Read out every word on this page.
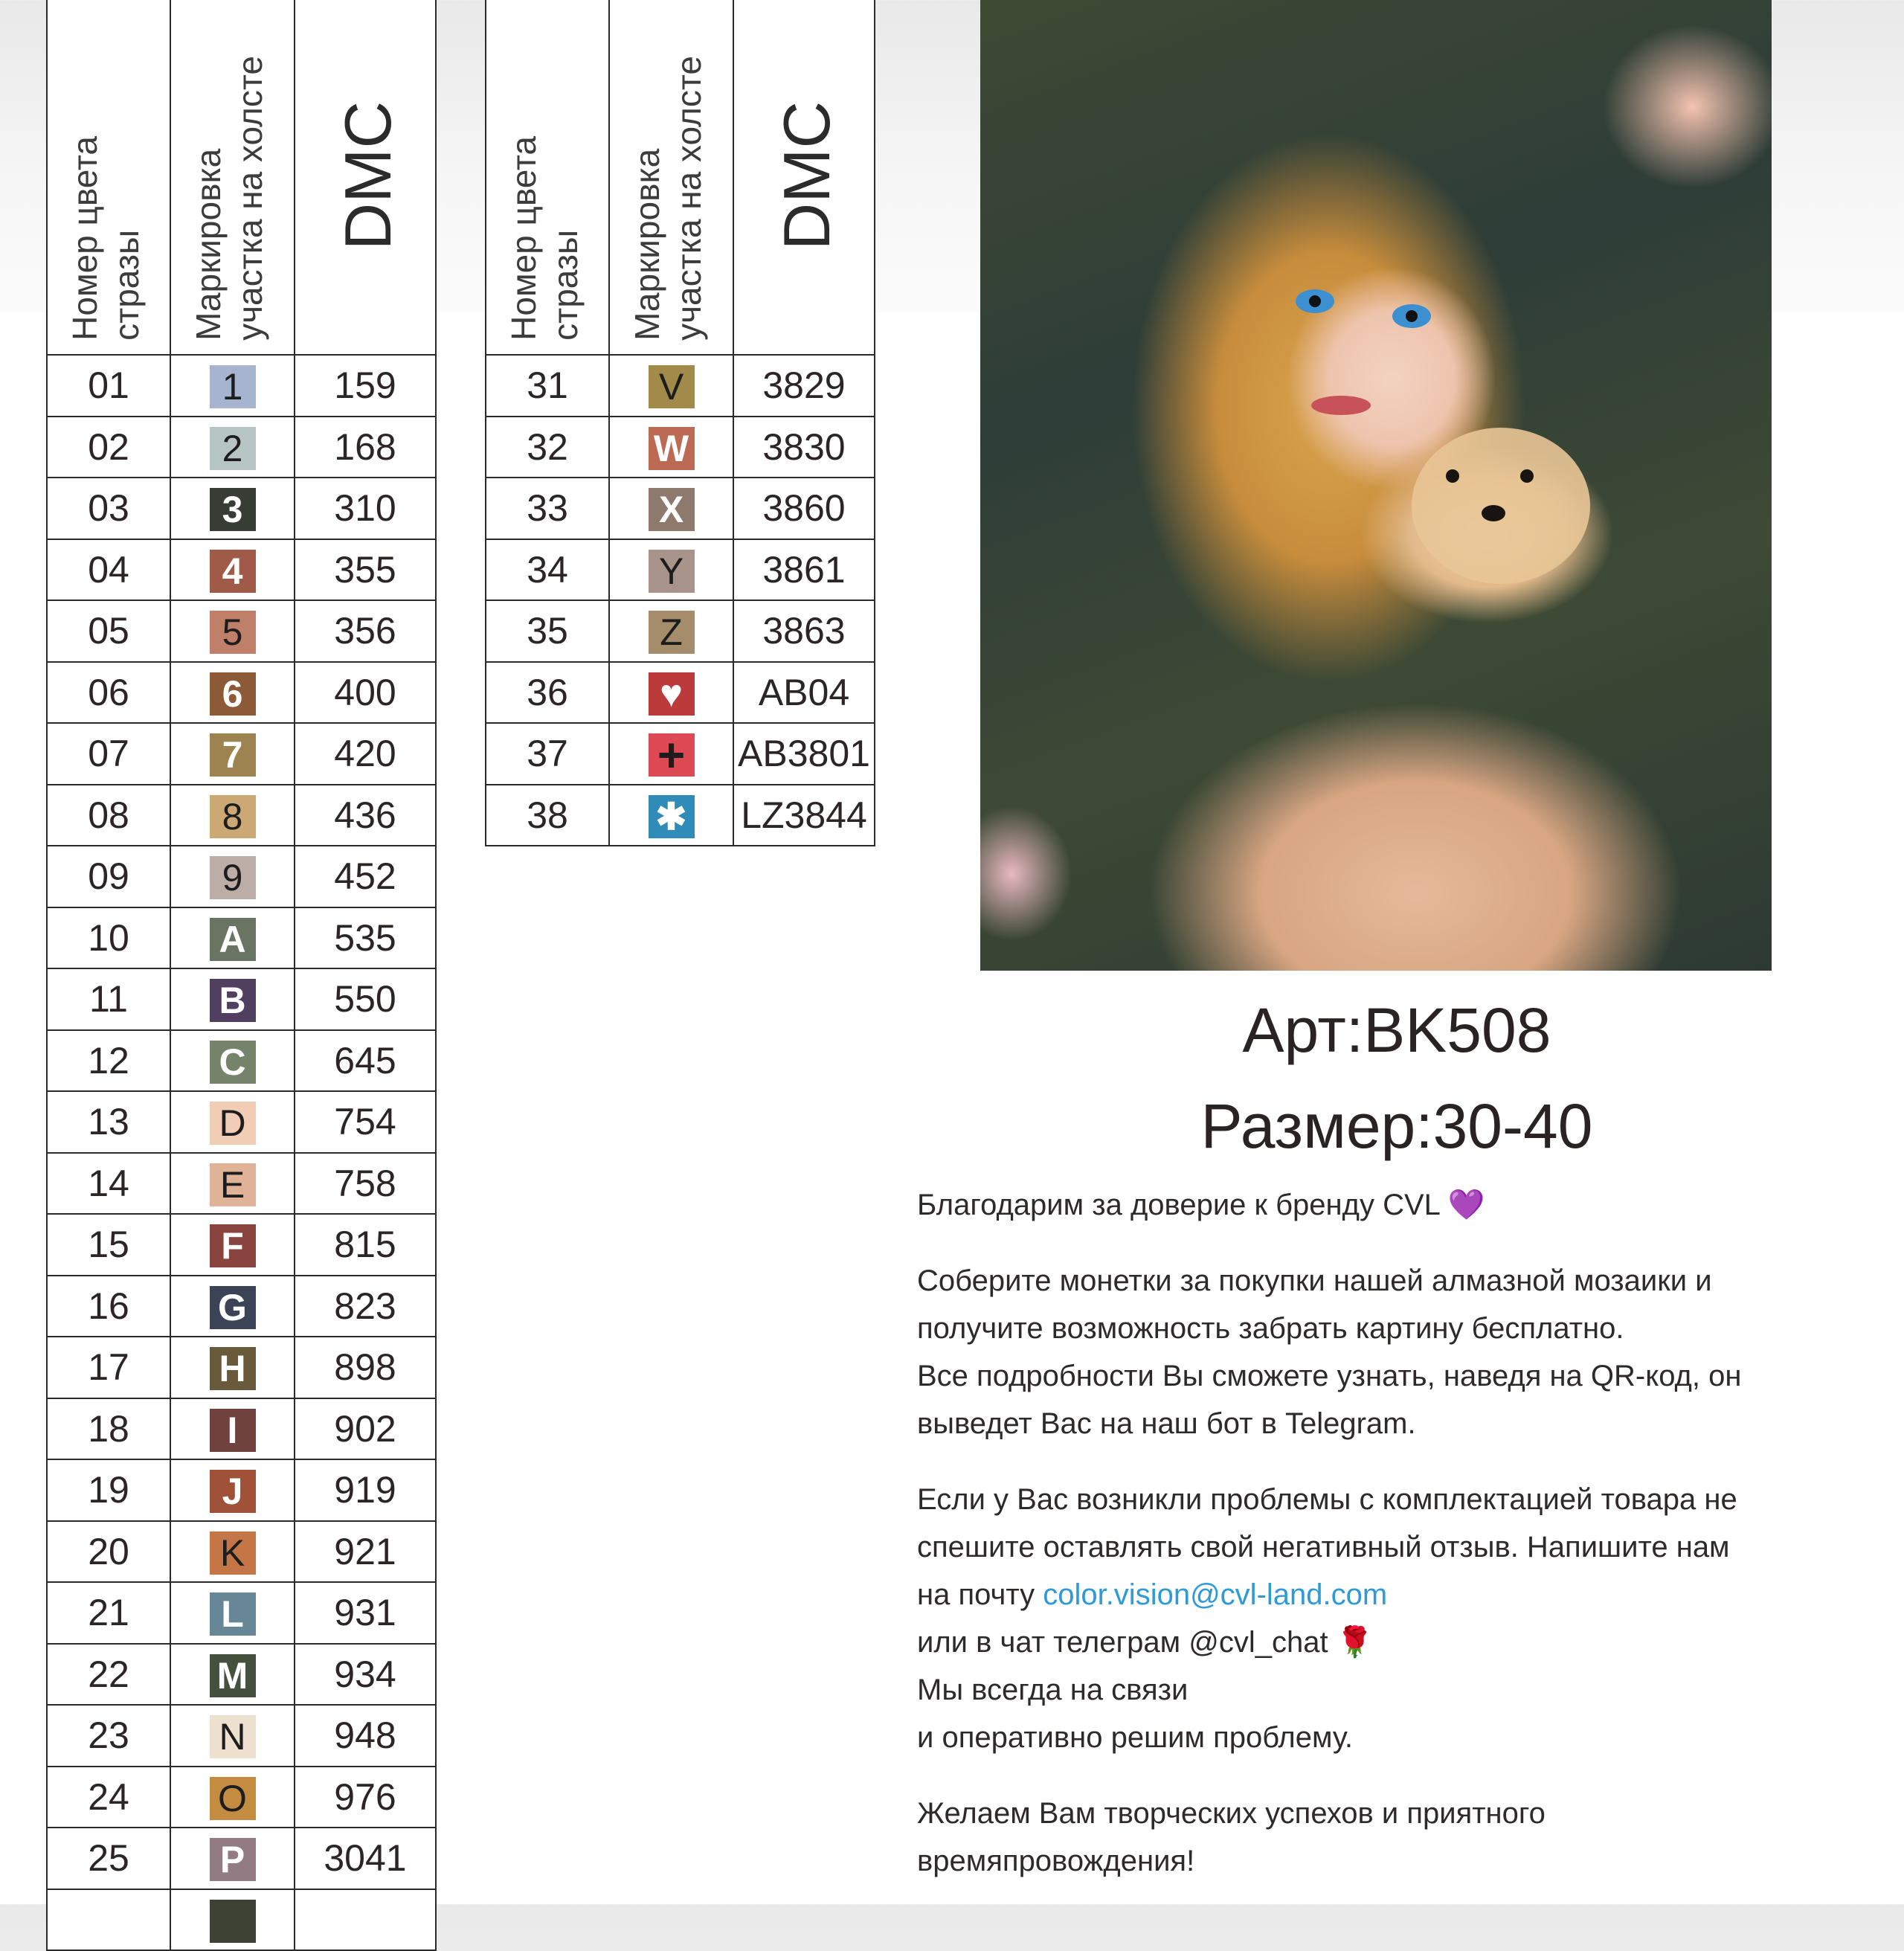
Номер цвета
стразы	Маркировка
участка на холсте	DMC

01	1	159
02	2	168
03	3	310
04	4	355
05	5	356
06	6	400
07	7	420
08	8	436
09	9	452
10	A	535
11	B	550
12	C	645
13	D	754
14	E	758
15	F	815
16	G	823
17	H	898
18	I	902
19	J	919
20	K	921
21	L	931
22	M	934
23	N	948
24	O	976
25	P	3041

Номер цвета
стразы	Маркировка
участка на холсте	DMC

31	V	3829
32	W	3830
33	X	3860
34	Y	3861
35	Z	3863
36	♥	AB04
37	+	AB3801
38	✱	LZ3844
Арт:BK508
Размер:30-40

Благодарим за доверие к бренду CVL 💜

Соберите монетки за покупки нашей алмазной мозаики и
получите возможность забрать картину бесплатно.
Все подробности Вы сможете узнать, наведя на QR-код, он
выведет Вас на наш бот в Telegram.

Если у Вас возникли проблемы с комплектацией товара не
спешите оставлять свой негативный отзыв. Напишите нам
на почту color.vision@cvl-land.com
или в чат телеграм @cvl_chat 🌹
Мы всегда на связи
и оперативно решим проблему.

Желаем Вам творческих успехов и приятного
времяпровождения!
